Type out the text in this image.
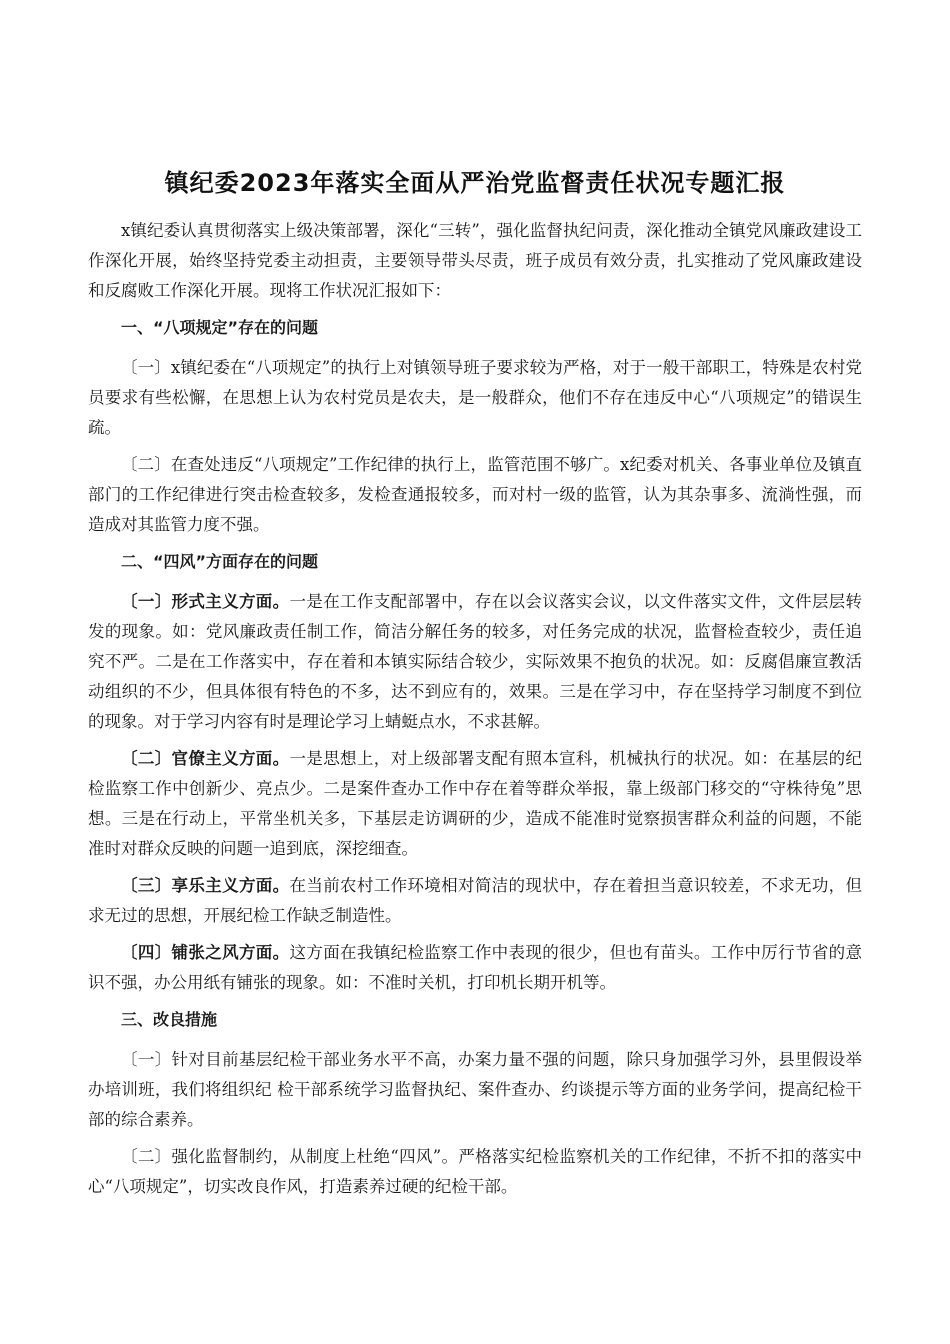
镇纪委2023年落实全面从严治党监督责任状况专题汇报

x镇纪委认真贯彻落实上级决策部署，深化“三转”，强化监督执纪问责，深化推动全镇党风廉政建设工作深化开展，始终坚持党委主动担责，主要领导带头尽责，班子成员有效分责，扎实推动了党风廉政建设和反腐败工作深化开展。现将工作状况汇报如下：

一、“八项规定”存在的问题

〔一〕x镇纪委在“八项规定”的执行上对镇领导班子要求较为严格，对于一般干部职工，特殊是农村党员要求有些松懈，在思想上认为农村党员是农夫，是一般群众，他们不存在违反中心“八项规定”的错误生疏。

〔二〕在查处违反“八项规定”工作纪律的执行上，监管范围不够广。x纪委对机关、各事业单位及镇直部门的工作纪律进行突击检查较多，发检查通报较多，而对村一级的监管，认为其杂事多、流淌性强，而造成对其监管力度不强。

二、“四风”方面存在的问题

〔一〕形式主义方面。一是在工作支配部署中，存在以会议落实会议，以文件落实文件，文件层层转发的现象。如：党风廉政责任制工作，简洁分解任务的较多，对任务完成的状况，监督检查较少，责任追究不严。二是在工作落实中，存在着和本镇实际结合较少，实际效果不抱负的状况。如：反腐倡廉宣教活动组织的不少，但具体很有特色的不多，达不到应有的，效果。三是在学习中，存在坚持学习制度不到位的现象。对于学习内容有时是理论学习上蜻蜓点水，不求甚解。

〔二〕官僚主义方面。一是思想上，对上级部署支配有照本宣科，机械执行的状况。如：在基层的纪检监察工作中创新少、亮点少。二是案件查办工作中存在着等群众举报，靠上级部门移交的“守株待兔”思想。三是在行动上，平常坐机关多，下基层走访调研的少，造成不能准时觉察损害群众利益的问题，不能准时对群众反映的问题一追到底，深挖细查。

〔三〕享乐主义方面。在当前农村工作环境相对简洁的现状中，存在着担当意识较差，不求无功，但求无过的思想，开展纪检工作缺乏制造性。

〔四〕铺张之风方面。这方面在我镇纪检监察工作中表现的很少，但也有苗头。工作中厉行节省的意识不强，办公用纸有铺张的现象。如：不准时关机，打印机长期开机等。

三、改良措施

〔一〕针对目前基层纪检干部业务水平不高，办案力量不强的问题，除只身加强学习外，县里假设举办培训班，我们将组织纪 检干部系统学习监督执纪、案件查办、约谈提示等方面的业务学问，提高纪检干部的综合素养。

〔二〕强化监督制约，从制度上杜绝“四风”。严格落实纪检监察机关的工作纪律，不折不扣的落实中心“八项规定”，切实改良作风，打造素养过硬的纪检干部。
